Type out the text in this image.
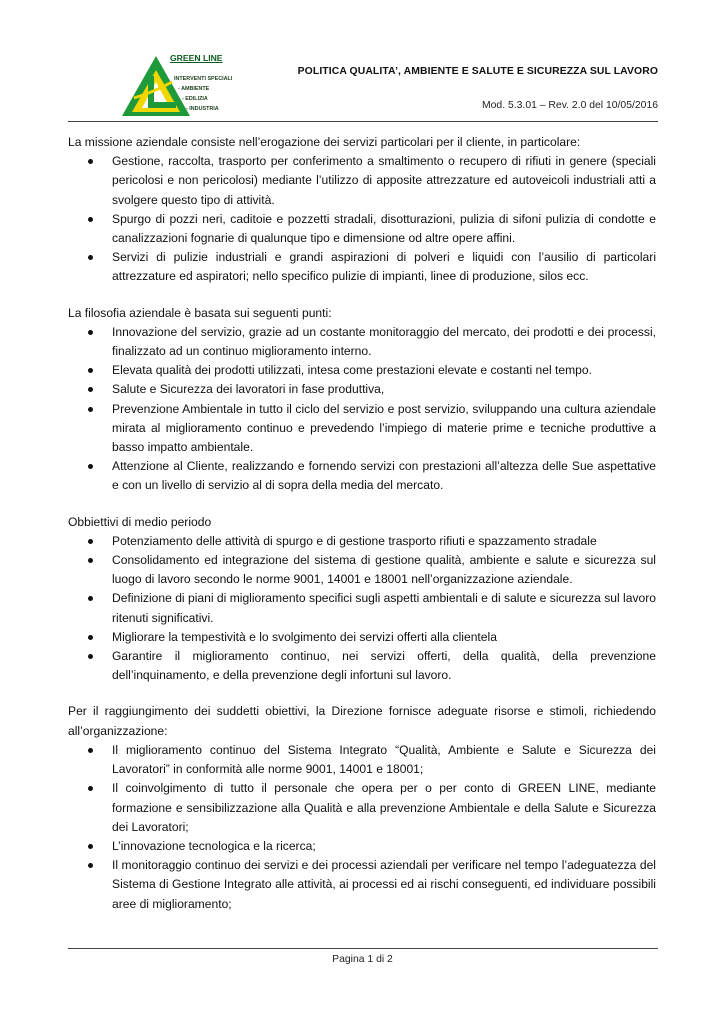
GREEN LINE
INTERVENTI SPECIALI
- AMBIENTE
- EDILIZIA
- INDUSTRIA
POLITICA QUALITA’, AMBIENTE E SALUTE E SICUREZZA SUL LAVORO
Mod. 5.3.01 – Rev. 2.0 del 10/05/2016

La missione aziendale consiste nell’erogazione dei servizi particolari per il cliente, in particolare:

Gestione, raccolta, trasporto per conferimento a smaltimento o recupero di rifiuti in genere (speciali pericolosi e non pericolosi) mediante l’utilizzo di apposite attrezzature ed autoveicoli industriali atti a svolgere questo tipo di attività.
Spurgo di pozzi neri, caditoie e pozzetti stradali, disotturazioni, pulizia di sifoni pulizia di condotte e canalizzazioni fognarie di qualunque tipo e dimensione od altre opere affini.
Servizi di pulizie industriali e grandi aspirazioni di polveri e liquidi con l’ausilio di particolari attrezzature ed aspiratori; nello specifico pulizie di impianti, linee di produzione, silos ecc.

La filosofia aziendale è basata sui seguenti punti:

Innovazione del servizio, grazie ad un costante monitoraggio del mercato, dei prodotti e dei processi, finalizzato ad un continuo miglioramento interno.
Elevata qualità dei prodotti utilizzati, intesa come prestazioni elevate e costanti nel tempo.
Salute e Sicurezza dei lavoratori in fase produttiva,
Prevenzione Ambientale in tutto il ciclo del servizio e post servizio, sviluppando una cultura aziendale mirata al miglioramento continuo e prevedendo l’impiego di materie prime e tecniche produttive a basso impatto ambientale.
Attenzione al Cliente, realizzando e fornendo servizi con prestazioni all’altezza delle Sue aspettative e con un livello di servizio al di sopra della media del mercato.

Obbiettivi di medio periodo

Potenziamento delle attività di spurgo e di gestione trasporto rifiuti e spazzamento stradale
Consolidamento ed integrazione del sistema di gestione qualità, ambiente e salute e sicurezza sul luogo di lavoro secondo le norme 9001, 14001 e 18001 nell’organizzazione aziendale.
Definizione di piani di miglioramento specifici sugli aspetti ambientali e di salute e sicurezza sul lavoro ritenuti significativi.
Migliorare la tempestività e lo svolgimento dei servizi offerti alla clientela
Garantire il miglioramento continuo, nei servizi offerti, della qualità, della prevenzione dell’inquinamento, e della prevenzione degli infortuni sul lavoro.

Per il raggiungimento dei suddetti obiettivi, la Direzione fornisce adeguate risorse e stimoli, richiedendo all’organizzazione:

Il miglioramento continuo del Sistema Integrato “Qualità, Ambiente e Salute e Sicurezza dei Lavoratori” in conformità alle norme 9001, 14001 e 18001;
Il coinvolgimento di tutto il personale che opera per o per conto di GREEN LINE, mediante formazione e sensibilizzazione alla Qualità e alla prevenzione Ambientale e della Salute e Sicurezza dei Lavoratori;
L’innovazione tecnologica e la ricerca;
Il monitoraggio continuo dei servizi e dei processi aziendali per verificare nel tempo l’adeguatezza del Sistema di Gestione Integrato alle attività, ai processi ed ai rischi conseguenti, ed individuare possibili aree di miglioramento;
Pagina 1 di 2
